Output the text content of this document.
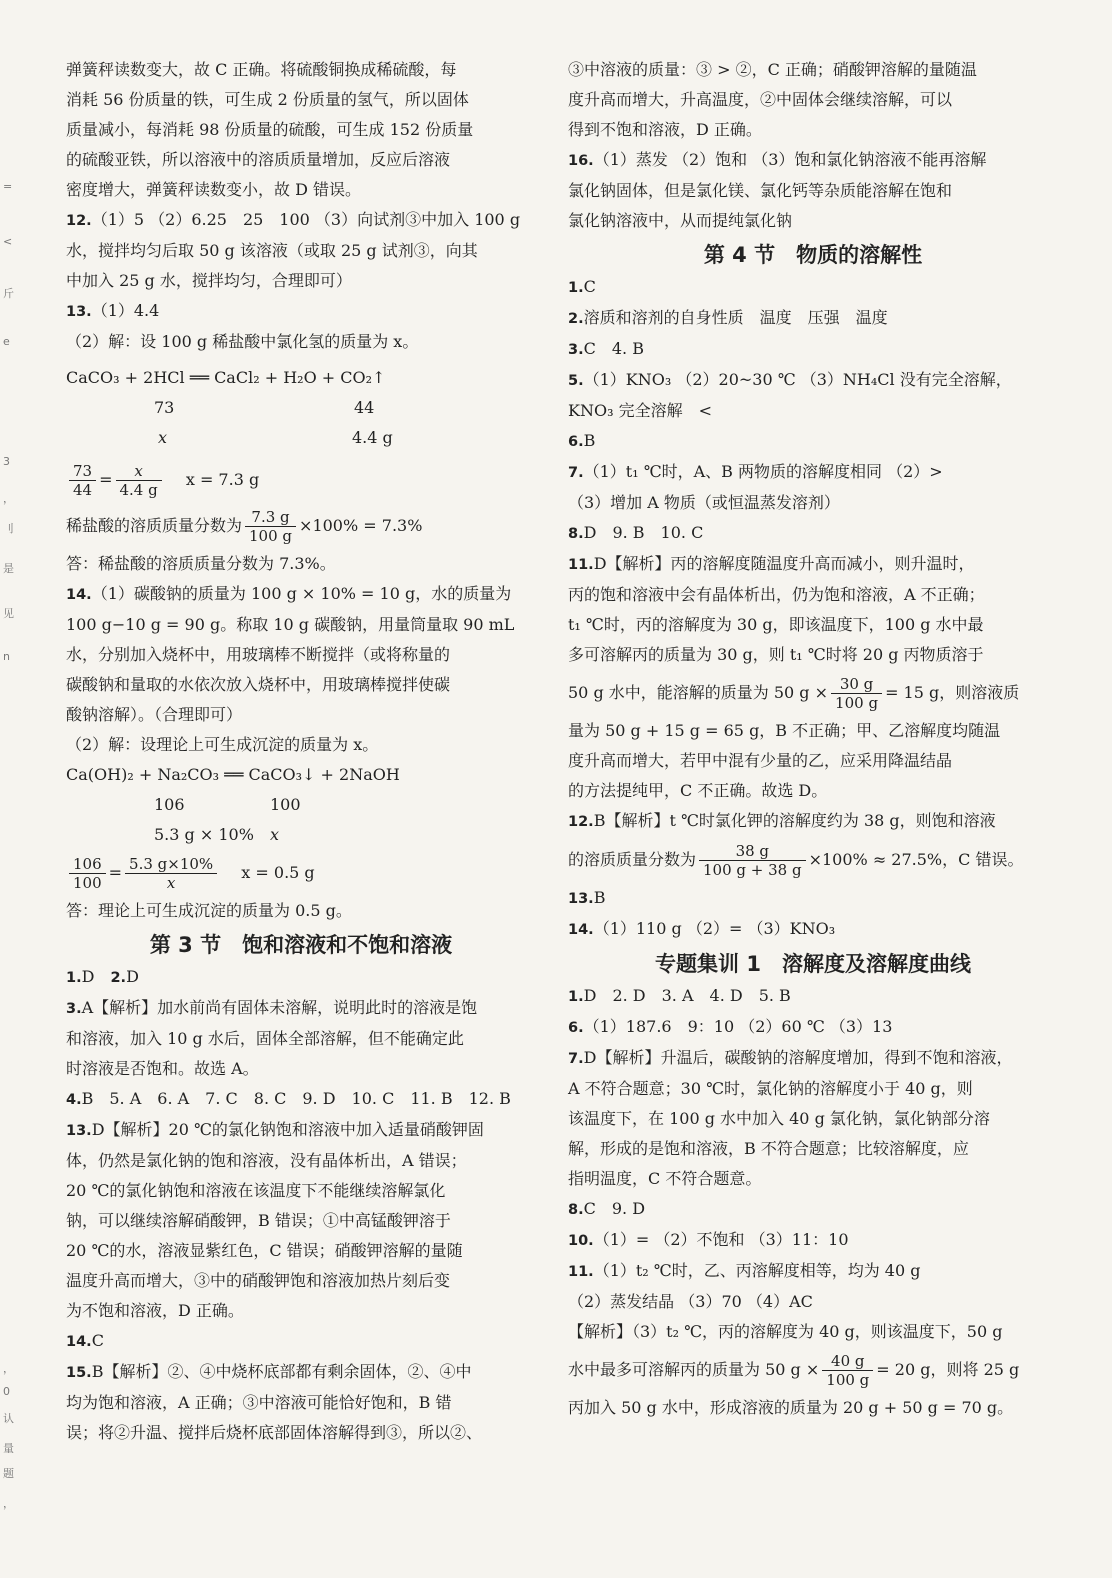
=
<
斤
e
3
，
刂
是
见
n
，
0
认
量
题
，

弹簧秤读数变大，故 C 正确。将硫酸铜换成稀硫酸，每

消耗 56 份质量的铁，可生成 2 份质量的氢气，所以固体

质量减小，每消耗 98 份质量的硫酸，可生成 152 份质量

的硫酸亚铁，所以溶液中的溶质质量增加，反应后溶液

密度增大，弹簧秤读数变小，故 D 错误。

12.（1）5 （2）6.25　25　100 （3）向试剂③中加入 100 g

水，搅拌均匀后取 50 g 该溶液（或取 25 g 试剂③，向其

中加入 25 g 水，搅拌均匀，合理即可）

13.（1）4.4

（2）解：设 100 g 稀盐酸中氯化氢的质量为 x。

CaCO₃ + 2HCl ══ CaCl₂ + H₂O + CO₂↑

73

	44

x

	4.4 g

$\frac{73}{44} = \frac{x}{4.4 g}$ x = 7.3 g

稀盐酸的溶质质量分数为 $\frac{7.3 g}{100 g} \times 100\% = 7.3\%$

答：稀盐酸的溶质质量分数为 7.3%。

14.（1）碳酸钠的质量为 100 g × 10% = 10 g，水的质量为

100 g−10 g = 90 g。称取 10 g 碳酸钠，用量筒量取 90 mL

水，分别加入烧杯中，用玻璃棒不断搅拌（或将称量的

碳酸钠和量取的水依次放入烧杯中，用玻璃棒搅拌使碳

酸钠溶解）。（合理即可）

（2）解：设理论上可生成沉淀的质量为 x。

Ca(OH)₂ + Na₂CO₃ ══ CaCO₃↓ + 2NaOH

106

	100

5.3 g × 10%

x

$\frac{106}{100} = \frac{5.3 g\times 10\%}{x}$ x = 0.5 g

答：理论上可生成沉淀的质量为 0.5 g。

第 3 节　饱和溶液和不饱和溶液

1.D　2.D

3.A【解析】加水前尚有固体未溶解，说明此时的溶液是饱

和溶液，加入 10 g 水后，固体全部溶解，但不能确定此

时溶液是否饱和。故选 A。

4.B　5. A　6. A　7. C　8. C　9. D　10. C　11. B　12. B

13.D【解析】20 ℃的氯化钠饱和溶液中加入适量硝酸钾固

体，仍然是氯化钠的饱和溶液，没有晶体析出，A 错误；

20 ℃的氯化钠饱和溶液在该温度下不能继续溶解氯化

钠，可以继续溶解硝酸钾，B 错误；①中高锰酸钾溶于

20 ℃的水，溶液显紫红色，C 错误；硝酸钾溶解的量随

温度升高而增大，③中的硝酸钾饱和溶液加热片刻后变

为不饱和溶液，D 正确。

14.C

15.B【解析】②、④中烧杯底部都有剩余固体，②、④中

均为饱和溶液，A 正确；③中溶液可能恰好饱和，B 错

误；将②升温、搅拌后烧杯底部固体溶解得到③，所以②、

③中溶液的质量：③ > ②，C 正确；硝酸钾溶解的量随温

度升高而增大，升高温度，②中固体会继续溶解，可以

得到不饱和溶液，D 正确。

16.（1）蒸发 （2）饱和 （3）饱和氯化钠溶液不能再溶解

氯化钠固体，但是氯化镁、氯化钙等杂质能溶解在饱和

氯化钠溶液中，从而提纯氯化钠

第 4 节　物质的溶解性

1.C

2.溶质和溶剂的自身性质　温度　压强　温度

3.C　4. B

5.（1）KNO₃ （2）20~30 ℃ （3）NH₄Cl 没有完全溶解，

KNO₃ 完全溶解　<

6.B

7.（1）t₁ ℃时，A、B 两物质的溶解度相同 （2）>

（3）增加 A 物质（或恒温蒸发溶剂）

8.D　9. B　10. C

11.D【解析】丙的溶解度随温度升高而减小，则升温时，

丙的饱和溶液中会有晶体析出，仍为饱和溶液，A 不正确；

t₁ ℃时，丙的溶解度为 30 g，即该温度下，100 g 水中最

多可溶解丙的质量为 30 g，则 t₁ ℃时将 20 g 丙物质溶于

50 g 水中，能溶解的质量为 50 $g \times \frac{30 g}{100 g} = 15$ g，则溶液质

量为 50 g + 15 g = 65 g，B 不正确；甲、乙溶解度均随温

度升高而增大，若甲中混有少量的乙，应采用降温结晶

的方法提纯甲，C 不正确。故选 D。

12.B【解析】t ℃时氯化钾的溶解度约为 38 g，则饱和溶液

的溶质质量分数为 $\frac{38 g}{100 g + 38 g} \times 100\% \approx 27.5\%$，C 错误。

13.B

14.（1）110 g （2）= （3）KNO₃

专题集训 1　溶解度及溶解度曲线

1.D　2. D　3. A　4. D　5. B

6.（1）187.6　9：10 （2）60 ℃ （3）13

7.D【解析】升温后，碳酸钠的溶解度增加，得到不饱和溶液，

A 不符合题意；30 ℃时，氯化钠的溶解度小于 40 g，则

该温度下，在 100 g 水中加入 40 g 氯化钠，氯化钠部分溶

解，形成的是饱和溶液，B 不符合题意；比较溶解度，应

指明温度，C 不符合题意。

8.C　9. D

10.（1）= （2）不饱和 （3）11：10

11.（1）t₂ ℃时，乙、丙溶解度相等，均为 40 g

（2）蒸发结晶 （3）70 （4）AC

【解析】（3）t₂ ℃，丙的溶解度为 40 g，则该温度下，50 g

水中最多可溶解丙的质量为 50 $g \times \frac{40 g}{100 g} = 20$ g，则将 25 g

丙加入 50 g 水中，形成溶液的质量为 20 g + 50 g = 70 g。
